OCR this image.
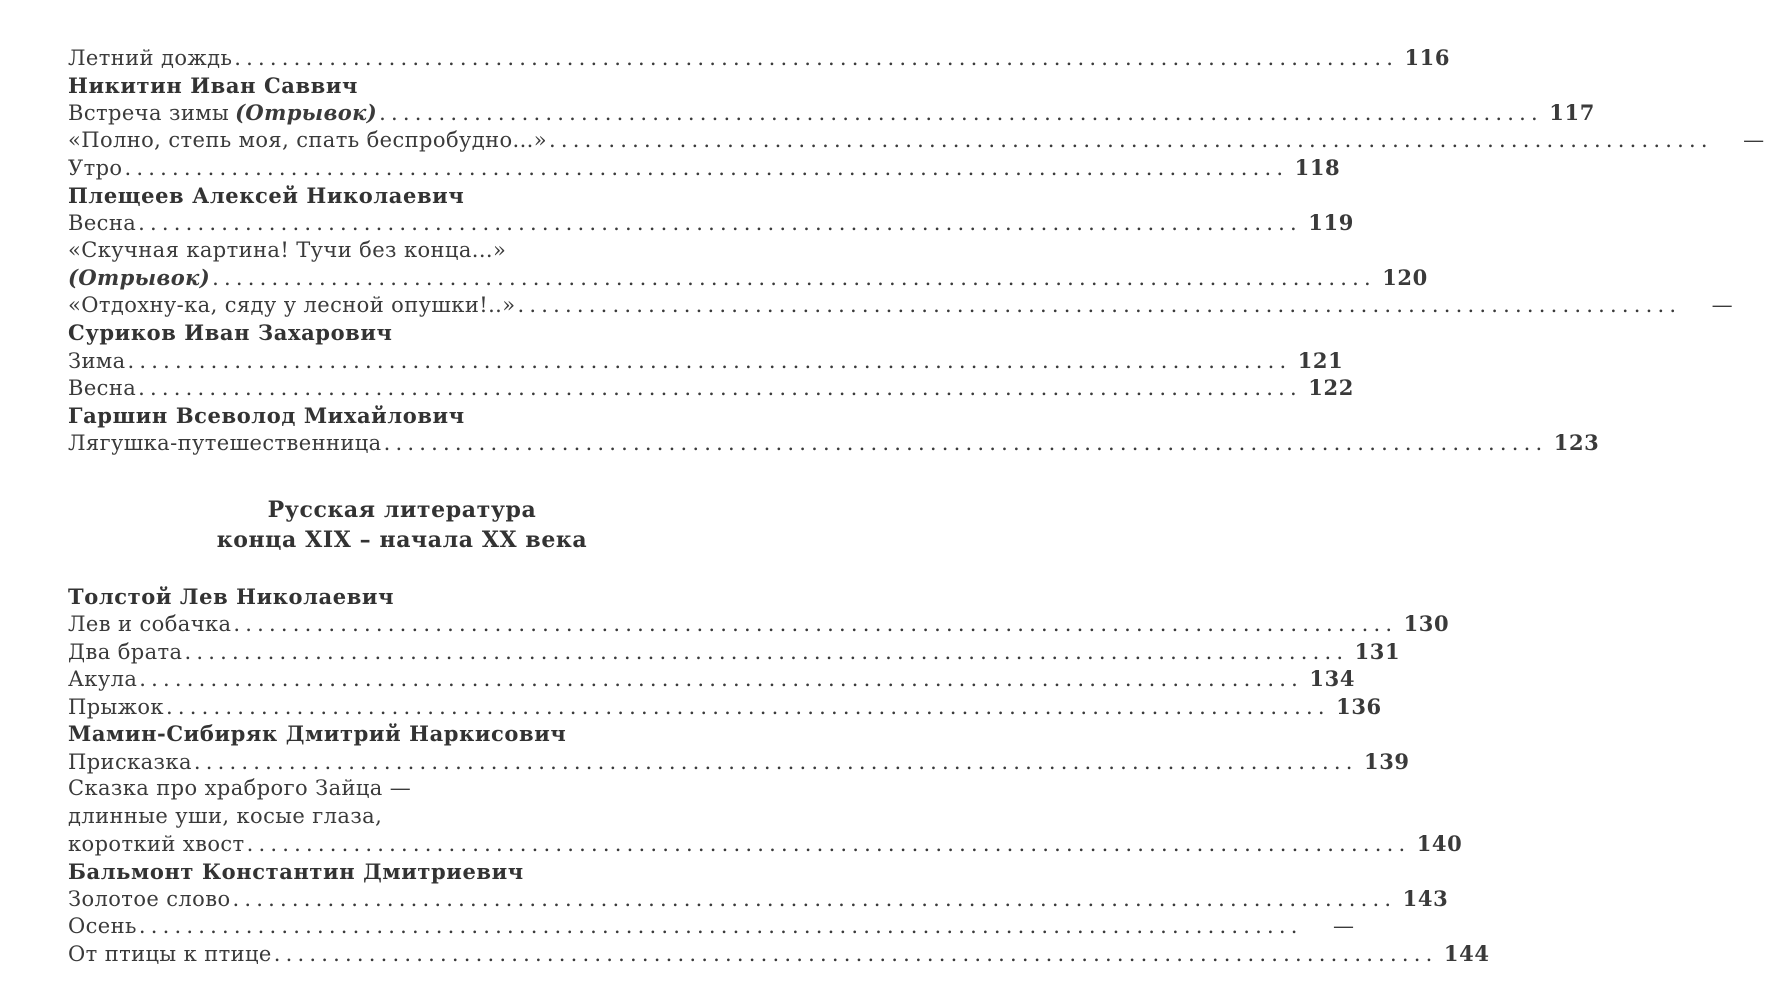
Летний дождь .................................................................................................. 116
Никитин Иван Саввич
Встреча зимы (Отрывок) .................................................................................................. 117
«Полно, степь моя, спать беспробудно...» ..................................................................................................	—
Утро .................................................................................................. 118
Плещеев Алексей Николаевич
Весна .................................................................................................. 119
«Скучная картина! Тучи без конца...»
(Отрывок) .................................................................................................. 120
«Отдохну-ка, сяду у лесной опушки!..» ..................................................................................................	—
Суриков Иван Захарович
Зима .................................................................................................. 121
Весна .................................................................................................. 122
Гаршин Всеволод Михайлович
Лягушка-путешественница .................................................................................................. 123
Русская литература
конца XIX – начала XX века
Толстой Лев Николаевич
Лев и собачка .................................................................................................. 130
Два брата .................................................................................................. 131
Акула .................................................................................................. 134
Прыжок .................................................................................................. 136
Мамин-Сибиряк Дмитрий Наркисович
Присказка .................................................................................................. 139
Сказка про храброго Зайца —
длинные уши, косые глаза,
короткий хвост .................................................................................................. 140
Бальмонт Константин Дмитриевич
Золотое слово .................................................................................................. 143
Осень ..................................................................................................	—
От птицы к птице .................................................................................................. 144
